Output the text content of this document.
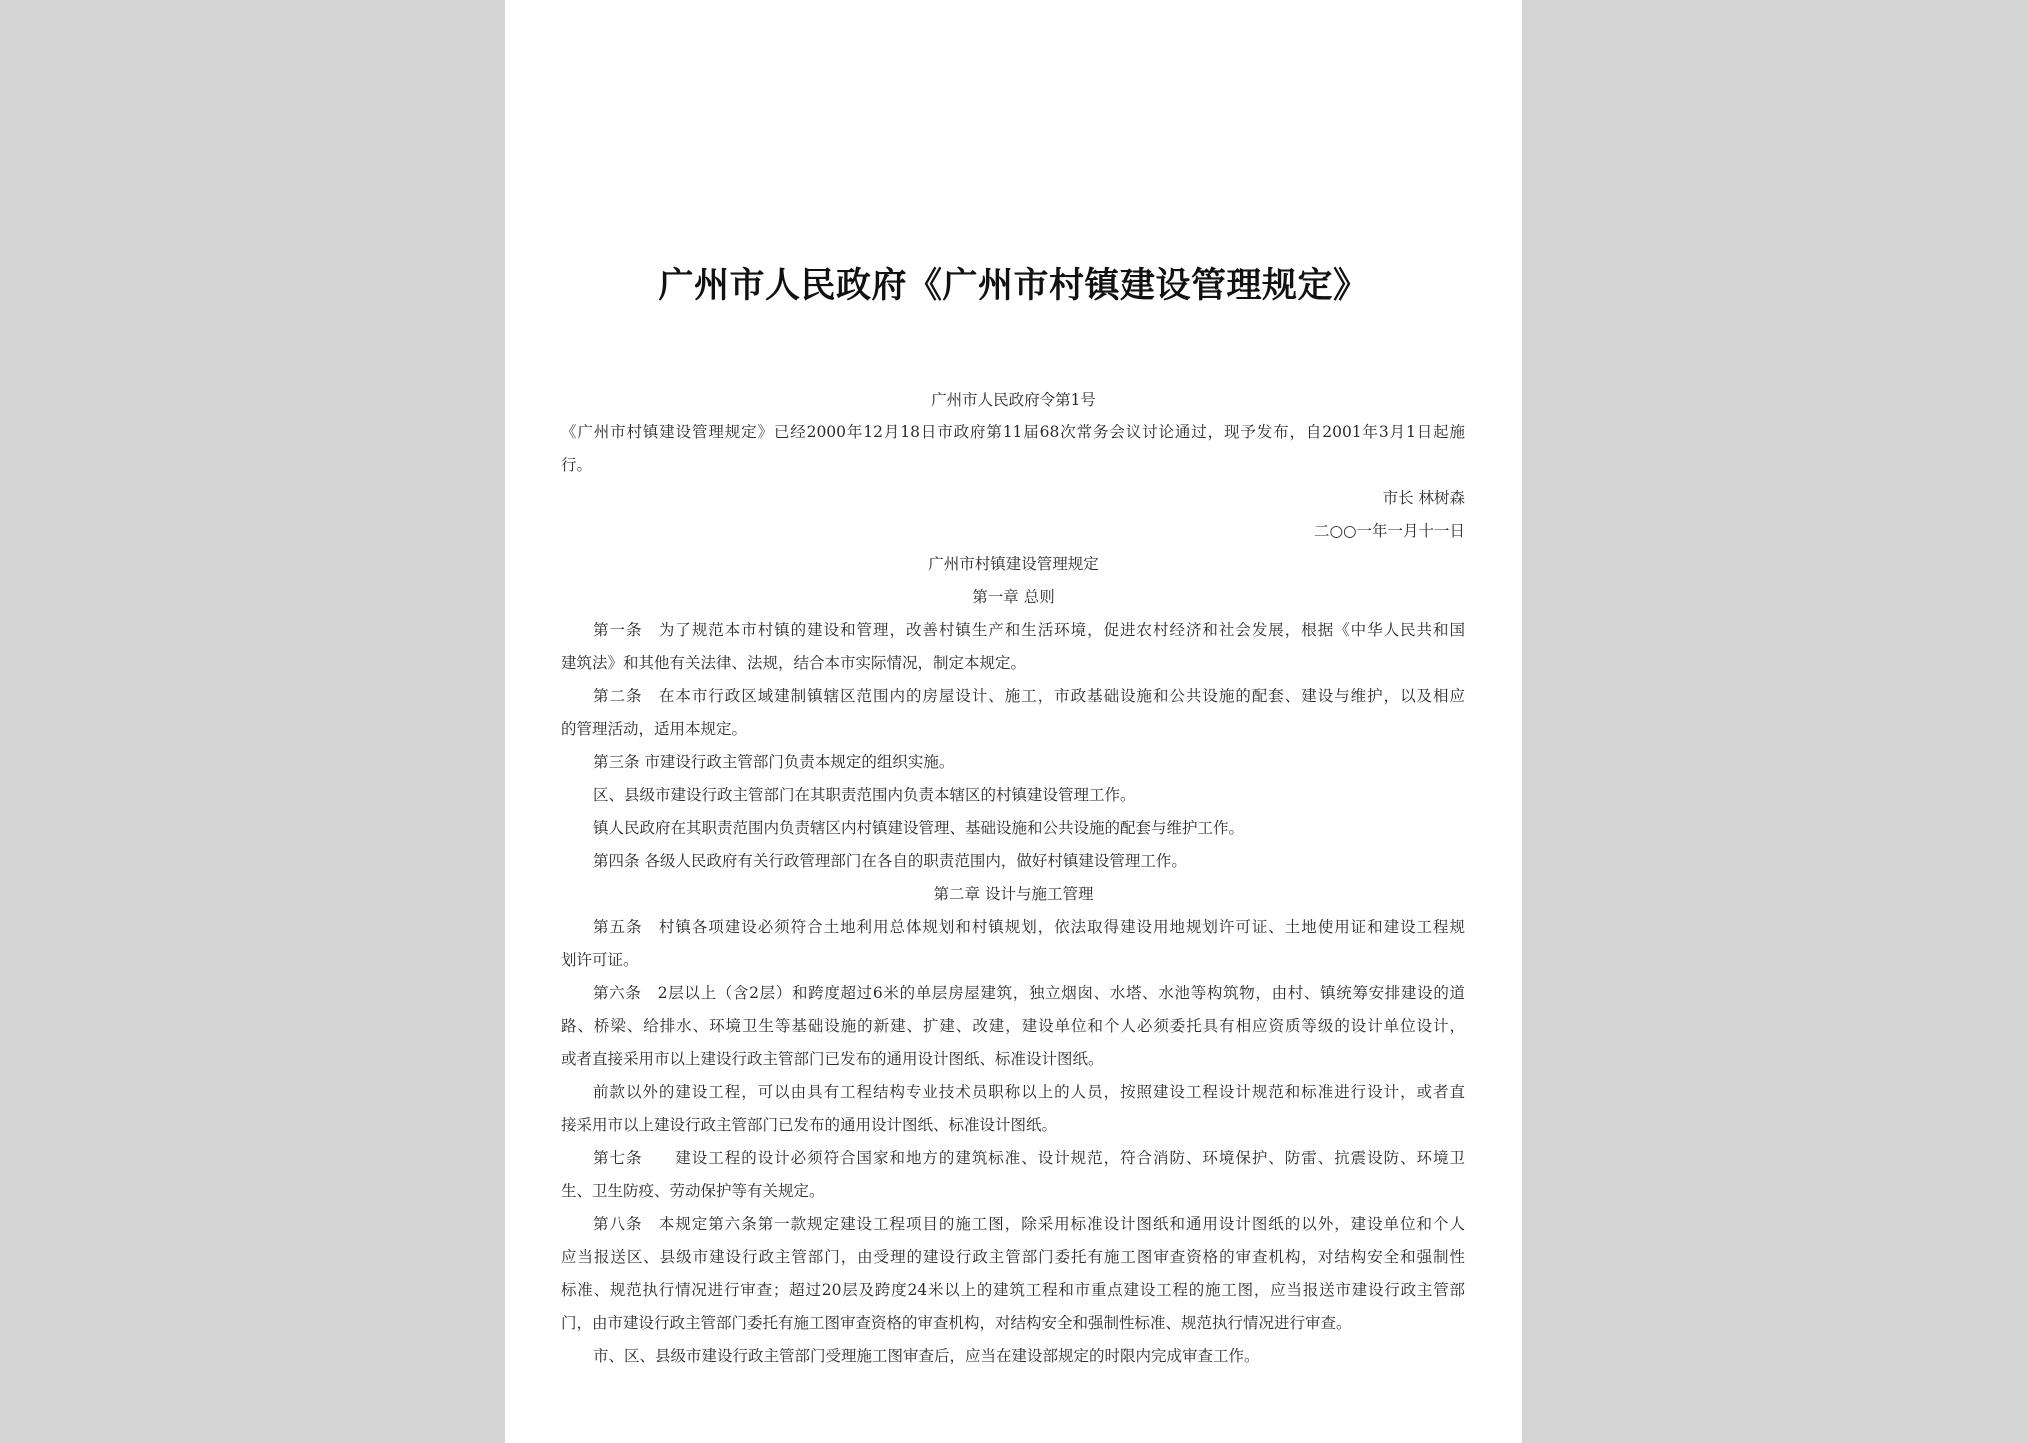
广州市人民政府《广州市村镇建设管理规定》
广州市人民政府令第1号
《广州市村镇建设管理规定》已经2000年12月18日市政府第11届68次常务会议讨论通过，现予发布，自2001年3月1日起施
行。
市长 林树森
二○○一年一月十一日
广州市村镇建设管理规定
第一章 总则
第一条　为了规范本市村镇的建设和管理，改善村镇生产和生活环境，促进农村经济和社会发展，根据《中华人民共和国
建筑法》和其他有关法律、法规，结合本市实际情况，制定本规定。
第二条　在本市行政区域建制镇辖区范围内的房屋设计、施工，市政基础设施和公共设施的配套、建设与维护，以及相应
的管理活动，适用本规定。
第三条 市建设行政主管部门负责本规定的组织实施。
区、县级市建设行政主管部门在其职责范围内负责本辖区的村镇建设管理工作。
镇人民政府在其职责范围内负责辖区内村镇建设管理、基础设施和公共设施的配套与维护工作。
第四条 各级人民政府有关行政管理部门在各自的职责范围内，做好村镇建设管理工作。
第二章 设计与施工管理
第五条　村镇各项建设必须符合土地利用总体规划和村镇规划，依法取得建设用地规划许可证、土地使用证和建设工程规
划许可证。
第六条　2层以上（含2层）和跨度超过6米的单层房屋建筑，独立烟囱、水塔、水池等构筑物，由村、镇统筹安排建设的道
路、桥梁、给排水、环境卫生等基础设施的新建、扩建、改建，建设单位和个人必须委托具有相应资质等级的设计单位设计，
或者直接采用市以上建设行政主管部门已发布的通用设计图纸、标准设计图纸。
前款以外的建设工程，可以由具有工程结构专业技术员职称以上的人员，按照建设工程设计规范和标准进行设计，或者直
接采用市以上建设行政主管部门已发布的通用设计图纸、标准设计图纸。
第七条　　建设工程的设计必须符合国家和地方的建筑标准、设计规范，符合消防、环境保护、防雷、抗震设防、环境卫
生、卫生防疫、劳动保护等有关规定。
第八条　本规定第六条第一款规定建设工程项目的施工图，除采用标准设计图纸和通用设计图纸的以外，建设单位和个人
应当报送区、县级市建设行政主管部门，由受理的建设行政主管部门委托有施工图审查资格的审查机构，对结构安全和强制性
标准、规范执行情况进行审查；超过20层及跨度24米以上的建筑工程和市重点建设工程的施工图，应当报送市建设行政主管部
门，由市建设行政主管部门委托有施工图审查资格的审查机构，对结构安全和强制性标准、规范执行情况进行审查。
市、区、县级市建设行政主管部门受理施工图审查后，应当在建设部规定的时限内完成审查工作。
